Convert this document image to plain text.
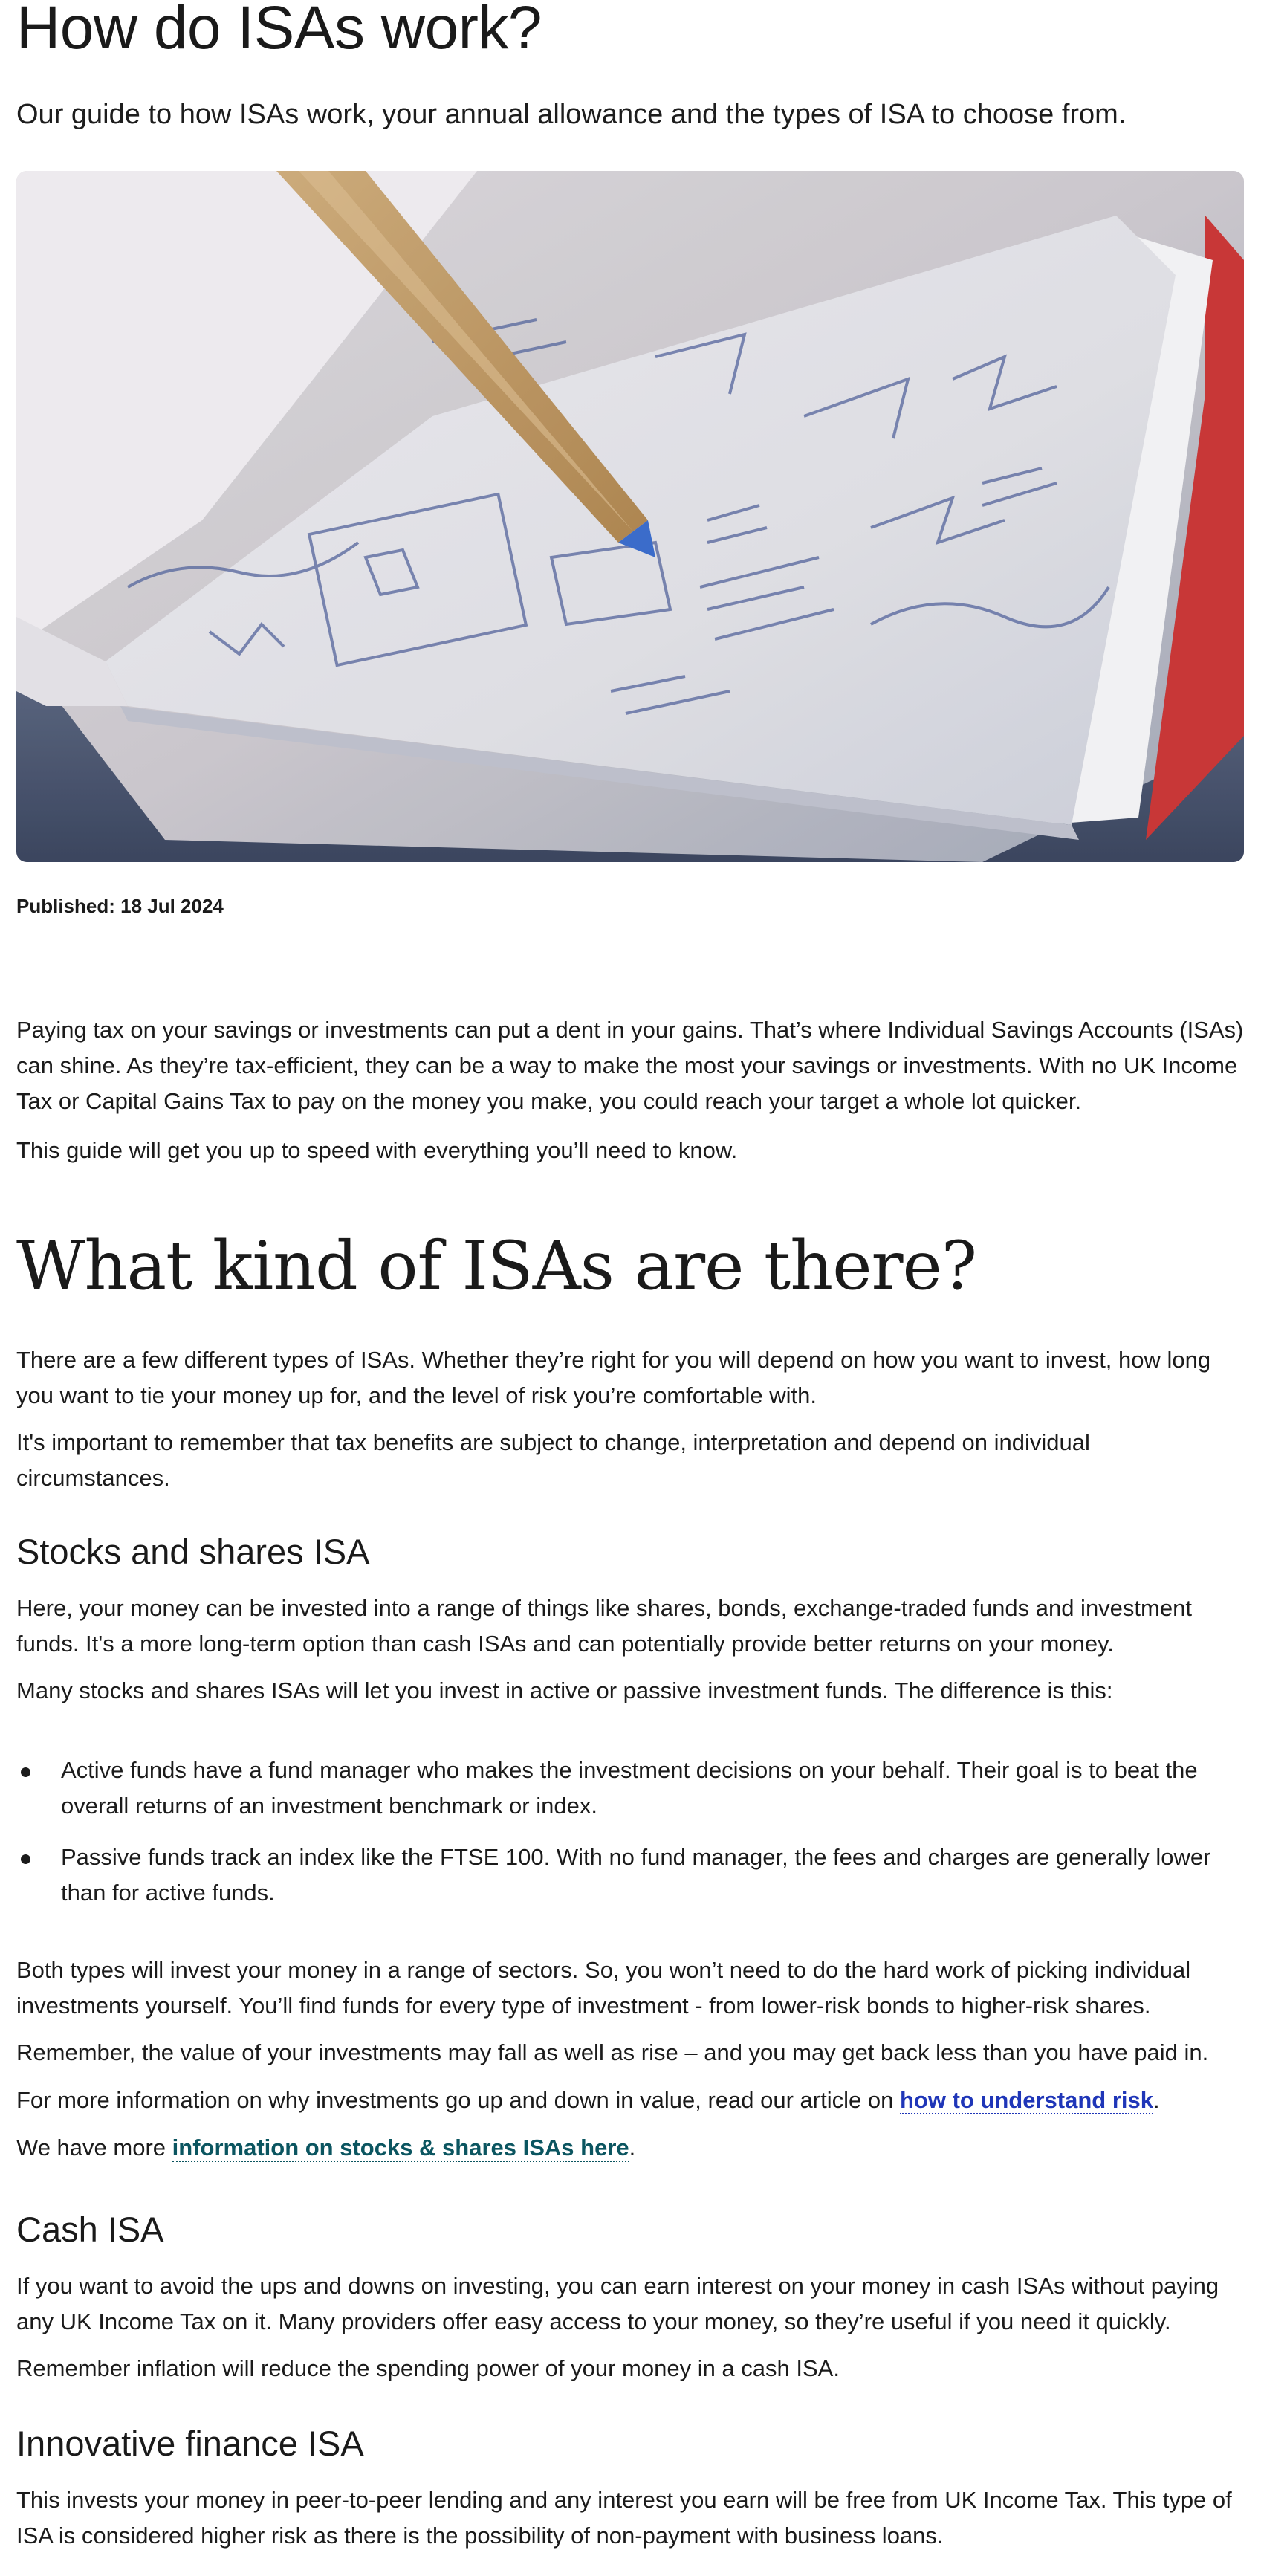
How do ISAs work?

Our guide to how ISAs work, your annual allowance and the types of ISA to choose from.

Published: 18 Jul 2024

Paying tax on your savings or investments can put a dent in your gains. That’s where Individual Savings Accounts (ISAs) can shine. As they’re tax-efficient, they can be a way to make the most your savings or investments. With no UK Income Tax or Capital Gains Tax to pay on the money you make, you could reach your target a whole lot quicker.

This guide will get you up to speed with everything you’ll need to know.

What kind of ISAs are there?

There are a few different types of ISAs. Whether they’re right for you will depend on how you want to invest, how long you want to tie your money up for, and the level of risk you’re comfortable with.

It's important to remember that tax benefits are subject to change, interpretation and depend on individual circumstances.

Stocks and shares ISA

Here, your money can be invested into a range of things like shares, bonds, exchange-traded funds and investment funds. It's a more long-term option than cash ISAs and can potentially provide better returns on your money.

Many stocks and shares ISAs will let you invest in active or passive investment funds. The difference is this:

Active funds have a fund manager who makes the investment decisions on your behalf. Their goal is to beat the overall returns of an investment benchmark or index.
Passive funds track an index like the FTSE 100. With no fund manager, the fees and charges are generally lower than for active funds.

Both types will invest your money in a range of sectors. So, you won’t need to do the hard work of picking individual investments yourself. You’ll find funds for every type of investment - from lower-risk bonds to higher-risk shares.

Remember, the value of your investments may fall as well as rise – and you may get back less than you have paid in.

For more information on why investments go up and down in value, read our article on how to understand risk.

We have more information on stocks & shares ISAs here.

Cash ISA

If you want to avoid the ups and downs on investing, you can earn interest on your money in cash ISAs without paying any UK Income Tax on it. Many providers offer easy access to your money, so they’re useful if you need it quickly.

Remember inflation will reduce the spending power of your money in a cash ISA.

Innovative finance ISA

This invests your money in peer-to-peer lending and any interest you earn will be free from UK Income Tax. This type of ISA is considered higher risk as there is the possibility of non-payment with business loans.
